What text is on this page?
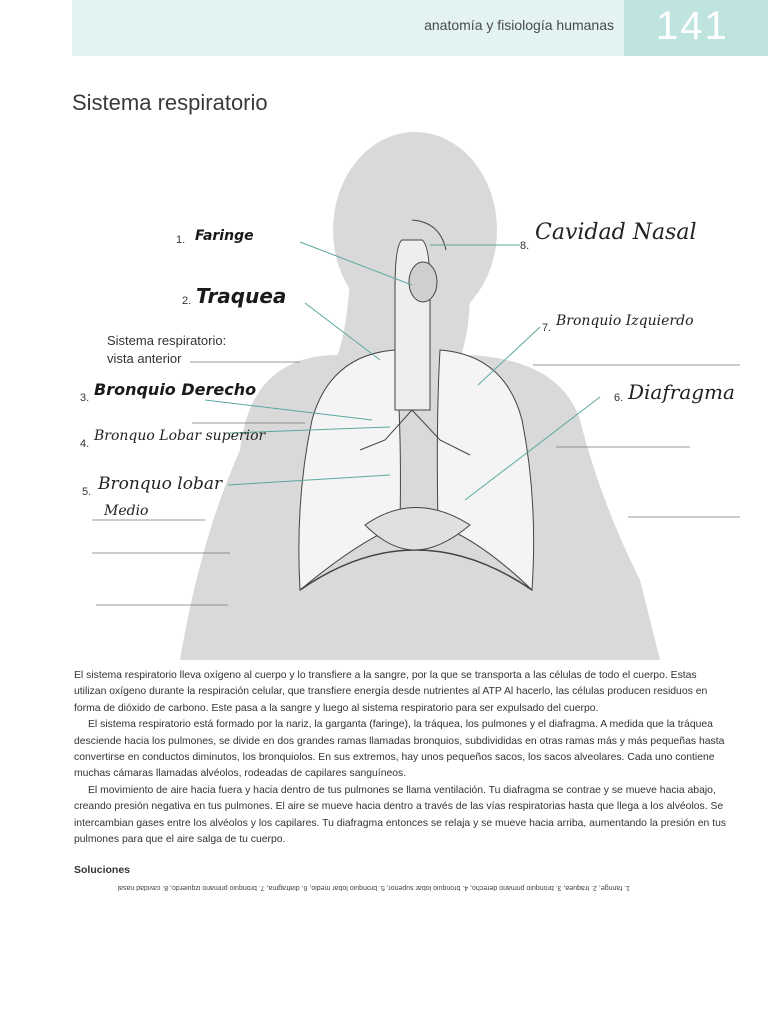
anatomía y fisiología humanas 141
Sistema respiratorio
Sistema respiratorio:
vista anterior
1. Faringe
2. Traquea
3. Bronquio Derecho
4. Bronquo Lobar superior
5. Bronquo lobar
Medio
6. Diafragma
7. Bronquio Izquierdo
8.
Cavidad Nasal

El sistema respiratorio lleva oxígeno al cuerpo y lo transfiere a la sangre, por la que se transporta a las células de todo el cuerpo. Estas utilizan oxígeno durante la respiración celular, que transfiere energía desde nutrientes al ATP Al hacerlo, las células producen residuos en forma de dióxido de carbono. Este pasa a la sangre y luego al sistema respiratorio para ser expulsado del cuerpo.

El sistema respiratorio está formado por la nariz, la garganta (faringe), la tráquea, los pulmones y el diafragma. A medida que la tráquea desciende hacia los pulmones, se divide en dos grandes ramas llamadas bronquios, subdivididas en otras ramas más y más pequeñas hasta convertirse en conductos diminutos, los bronquiolos. En sus extremos, hay unos pequeños sacos, los sacos alveolares. Cada uno contiene muchas cámaras llamadas alvéolos, rodeadas de capilares sanguíneos.

El movimiento de aire hacia fuera y hacia dentro de tus pulmones se llama ventilación. Tu diafragma se contrae y se mueve hacia abajo, creando presión negativa en tus pulmones. El aire se mueve hacia dentro a través de las vías respiratorias hasta que llega a los alvéolos. Se intercambian gases entre los alvéolos y los capilares. Tu diafragma entonces se relaja y se mueve hacia arriba, aumentando la presión en tus pulmones para que el aire salga de tu cuerpo.

Soluciones
1. faringe, 2. tráquea, 3. bronquio primario derecho, 4. bronquio lobar superior, 5. bronquio lobar medio, 6. diafragma, 7. bronquio primario izquierdo, 8. cavidad nasal
